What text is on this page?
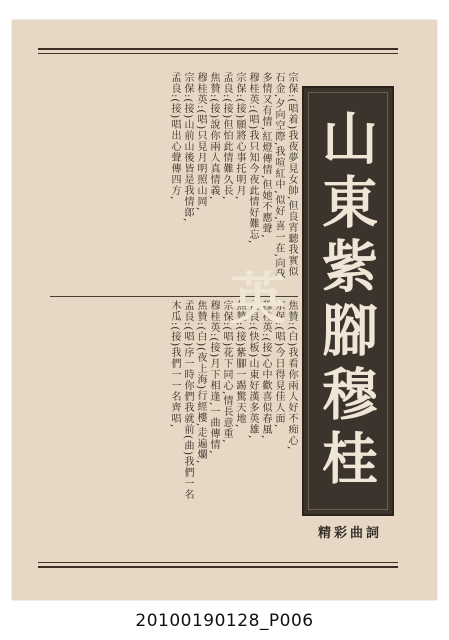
宗保:(唱着)我夜夢見女帥,但良宵聽我實似
石金,夕向空際,我喧紅中,似好,喜一在,向我
多情又有情,紅燈傳情,但她不應聲,
穆桂英:(唱)我只知今夜此情好難忘,
宗保:(接)願將心事托明月,
孟良:(接)但怕此情難久長,
焦贊:(接)說你兩人真情義,
穆桂英:(唱)只見月明照山岡,
宗保:(接)山前山後皆是我情郎,
孟良:(接)唱出心聲傳四方,
焦贊:(白)我看你兩人好不痴心,
宗保:(唱)今日得見佳人面,
穆桂英:(接)心中歡喜似春風,
孟良:(快板)山東好漢多英雄,
焦贊:(接)紫腳一踢驚天地,
宗保:(唱)花下同心,情長意重,
穆桂英:(接)月下相逢,一曲傳情,
焦贊:(白)(夜上海)行經樓,走遍爛,
孟良:(唱)序一時你們我就前(曲)我們一名
木瓜:(接)我們一一名齊唱, 山東紫腳穆桂英
精彩曲詞
20100190128_P006
